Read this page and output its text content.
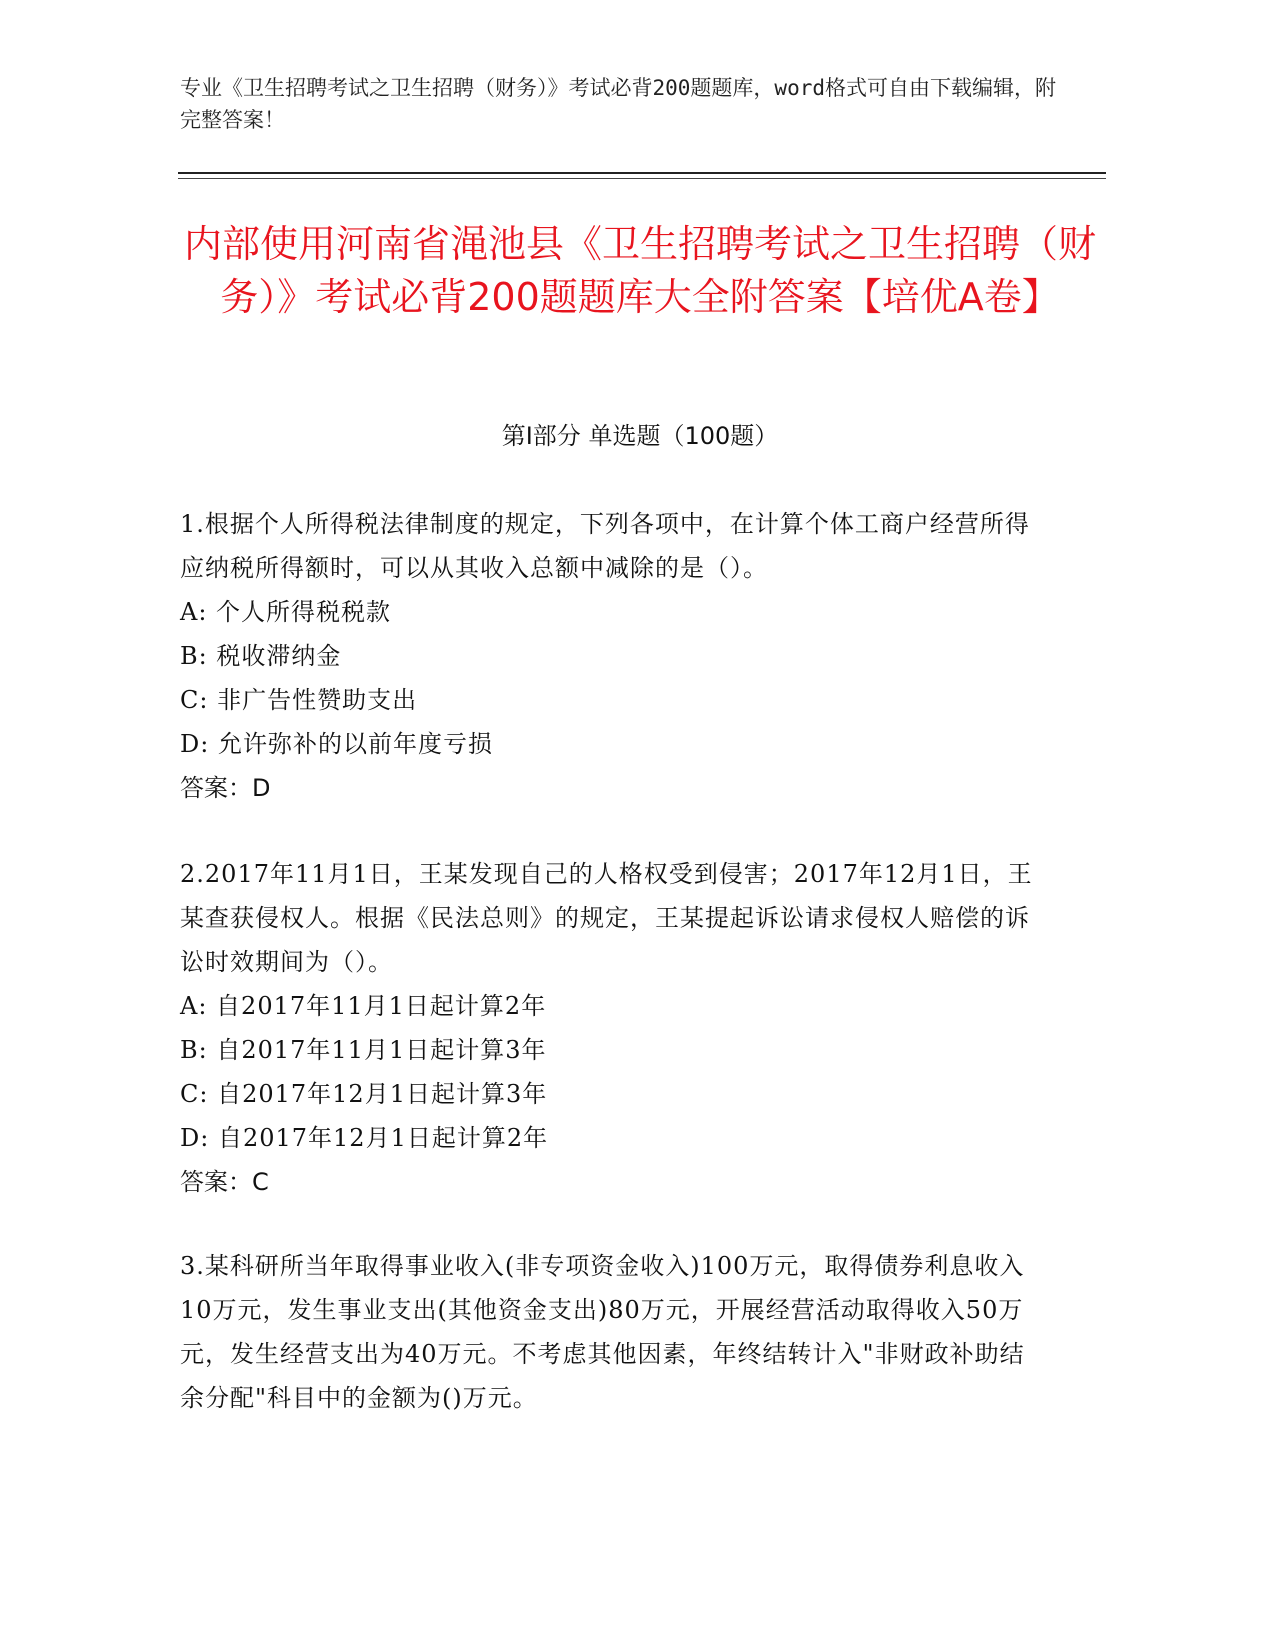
专业《卫生招聘考试之卫生招聘（财务）》考试必背200题题库，word格式可自由下载编辑，附完整答案！
内部使用河南省渑池县《卫生招聘考试之卫生招聘（财务）》考试必背200题题库大全附答案【培优A卷】
第Ⅰ部分 单选题（100题）

1.根据个人所得税法律制度的规定，下列各项中，在计算个体工商户经营所得应纳税所得额时，可以从其收入总额中减除的是（）。

A: 个人所得税税款

B: 税收滞纳金

C: 非广告性赞助支出

D: 允许弥补的以前年度亏损

答案：D

2.2017年11月1日，王某发现自己的人格权受到侵害；2017年12月1日，王某查获侵权人。根据《民法总则》的规定，王某提起诉讼请求侵权人赔偿的诉讼时效期间为（）。

A: 自2017年11月1日起计算2年

B: 自2017年11月1日起计算3年

C: 自2017年12月1日起计算3年

D: 自2017年12月1日起计算2年

答案：C

3.某科研所当年取得事业收入(非专项资金收入)100万元，取得债券利息收入10万元，发生事业支出(其他资金支出)80万元，开展经营活动取得收入50万元，发生经营支出为40万元。不考虑其他因素，年终结转计入"非财政补助结余分配"科目中的金额为()万元。
